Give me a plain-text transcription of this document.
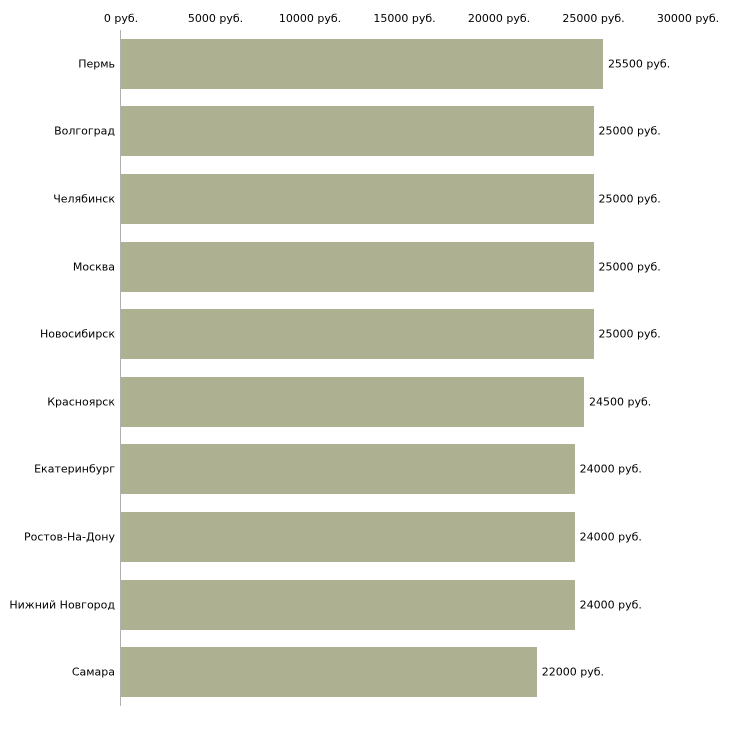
0 руб.	5000 руб.	10000 руб.	15000 руб.	20000 руб.	25000 руб.	30000 руб.
Пермь	25500 руб.
Волгоград	25000 руб.
Челябинск	25000 руб.
Москва	25000 руб.
Новосибирск	25000 руб.
Красноярск	24500 руб.
Екатеринбург	24000 руб.
Ростов-На-Дону	24000 руб.
Нижний Новгород	24000 руб.
Самара	22000 руб.
